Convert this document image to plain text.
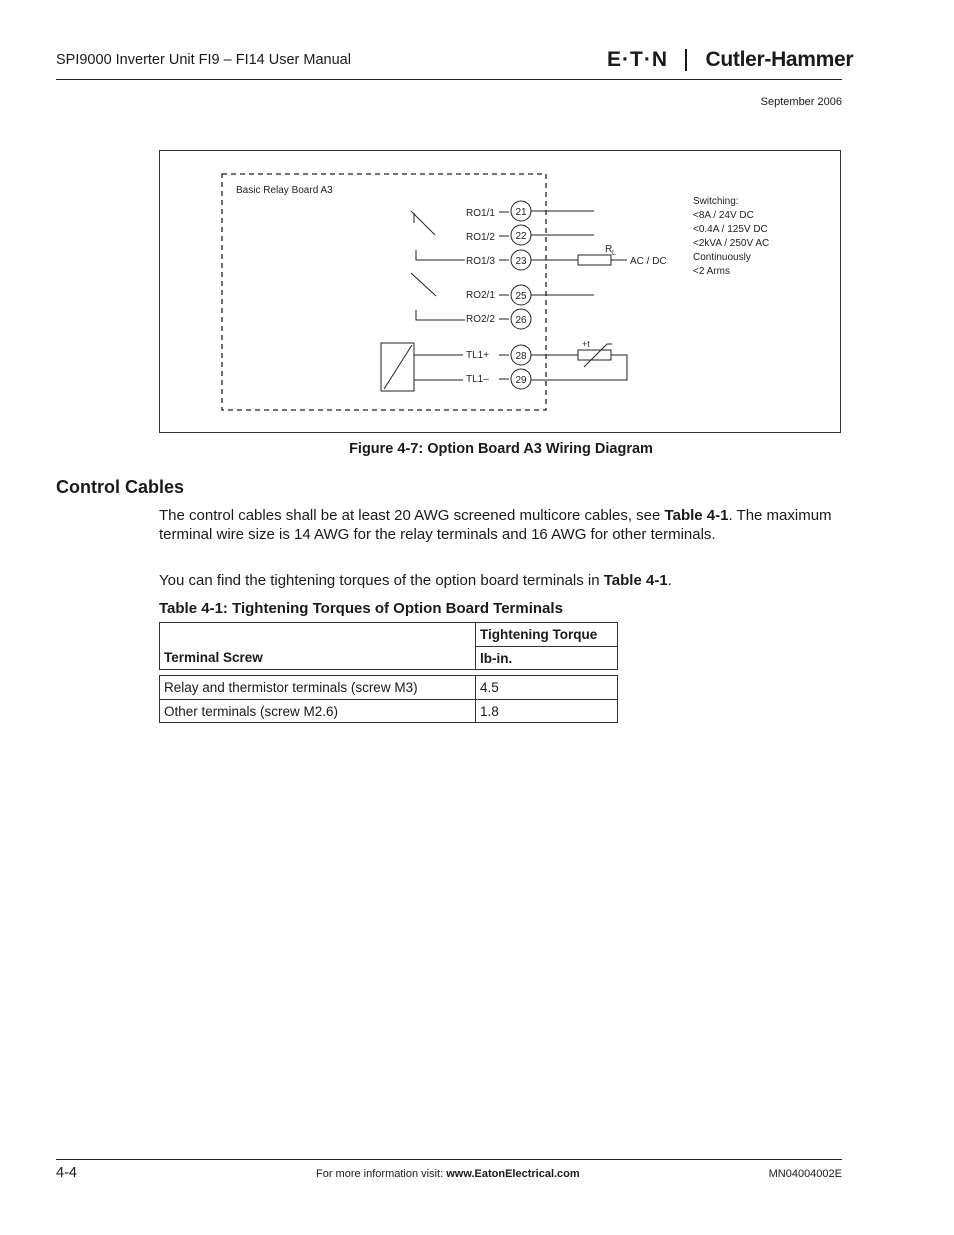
SPI9000 Inverter Unit FI9 – FI14 User Manual	E·T·N Cutler-Hammer
September 2006
Basic Relay Board A3
RO1/1 21
RO1/2 22
RO1/3 23
RO2/1 25
RO2/2 26
TL1+	28
TL1–	29
R L
AC / DC
+t
Switching:
<8A / 24V DC
<0.4A / 125V DC
<2kVA / 250V AC
Continuously
<2 Arms
Figure 4-7: Option Board A3 Wiring Diagram
Control Cables
The control cables shall be at least 20 AWG screened multicore cables, see Table 4-1. The maximum terminal wire size is 14 AWG for the relay terminals and 16 AWG for other terminals.
You can find the tightening torques of the option board terminals in Table 4-1.
Table 4-1: Tightening Torques of Option Board Terminals
Terminal Screw	Tightening Torque
	lb-in.

Relay and thermistor terminals (screw M3)	4.5
Other terminals (screw M2.6)	1.8
4-4	For more information visit: www.EatonElectrical.com	MN04004002E
